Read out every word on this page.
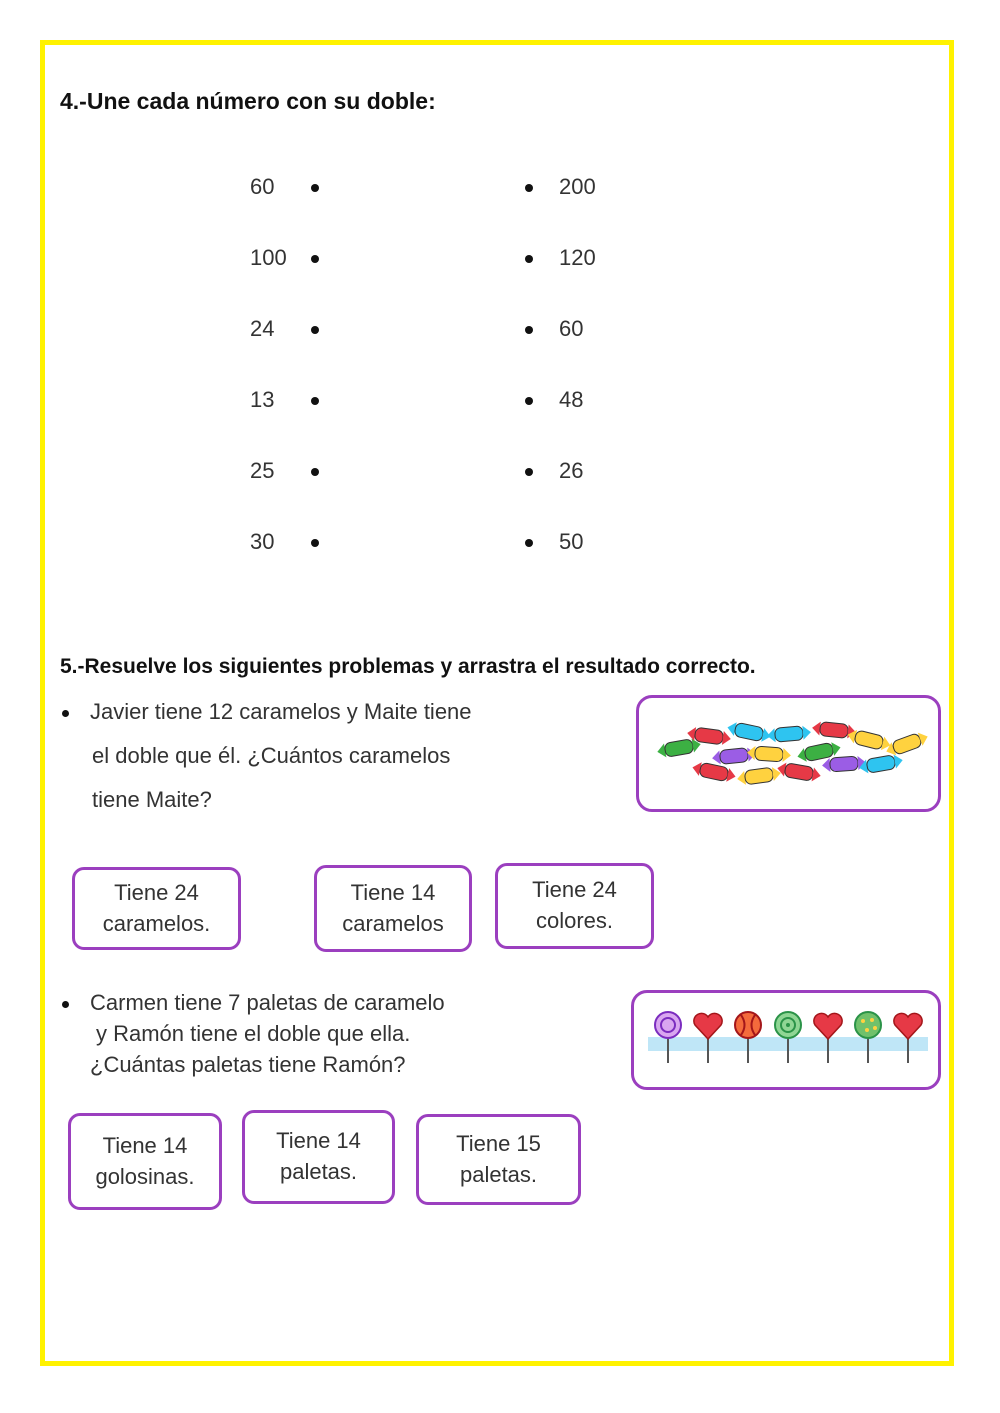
4.-Une cada número con su doble:
60
100
24
13
25
30
200
120
60
48
26
50
5.-Resuelve los siguientes problemas y arrastra el resultado correcto.
Javier tiene 12 caramelos y Maite tiene
el doble que él. ¿Cuántos caramelos
tiene Maite?
Tiene 24
caramelos.
Tiene 14
caramelos
Tiene 24
colores.
Carmen tiene 7 paletas de caramelo
y Ramón tiene el doble que ella.
¿Cuántas paletas tiene Ramón?
Tiene 14
golosinas.
Tiene 14
paletas.
Tiene 15
paletas.
